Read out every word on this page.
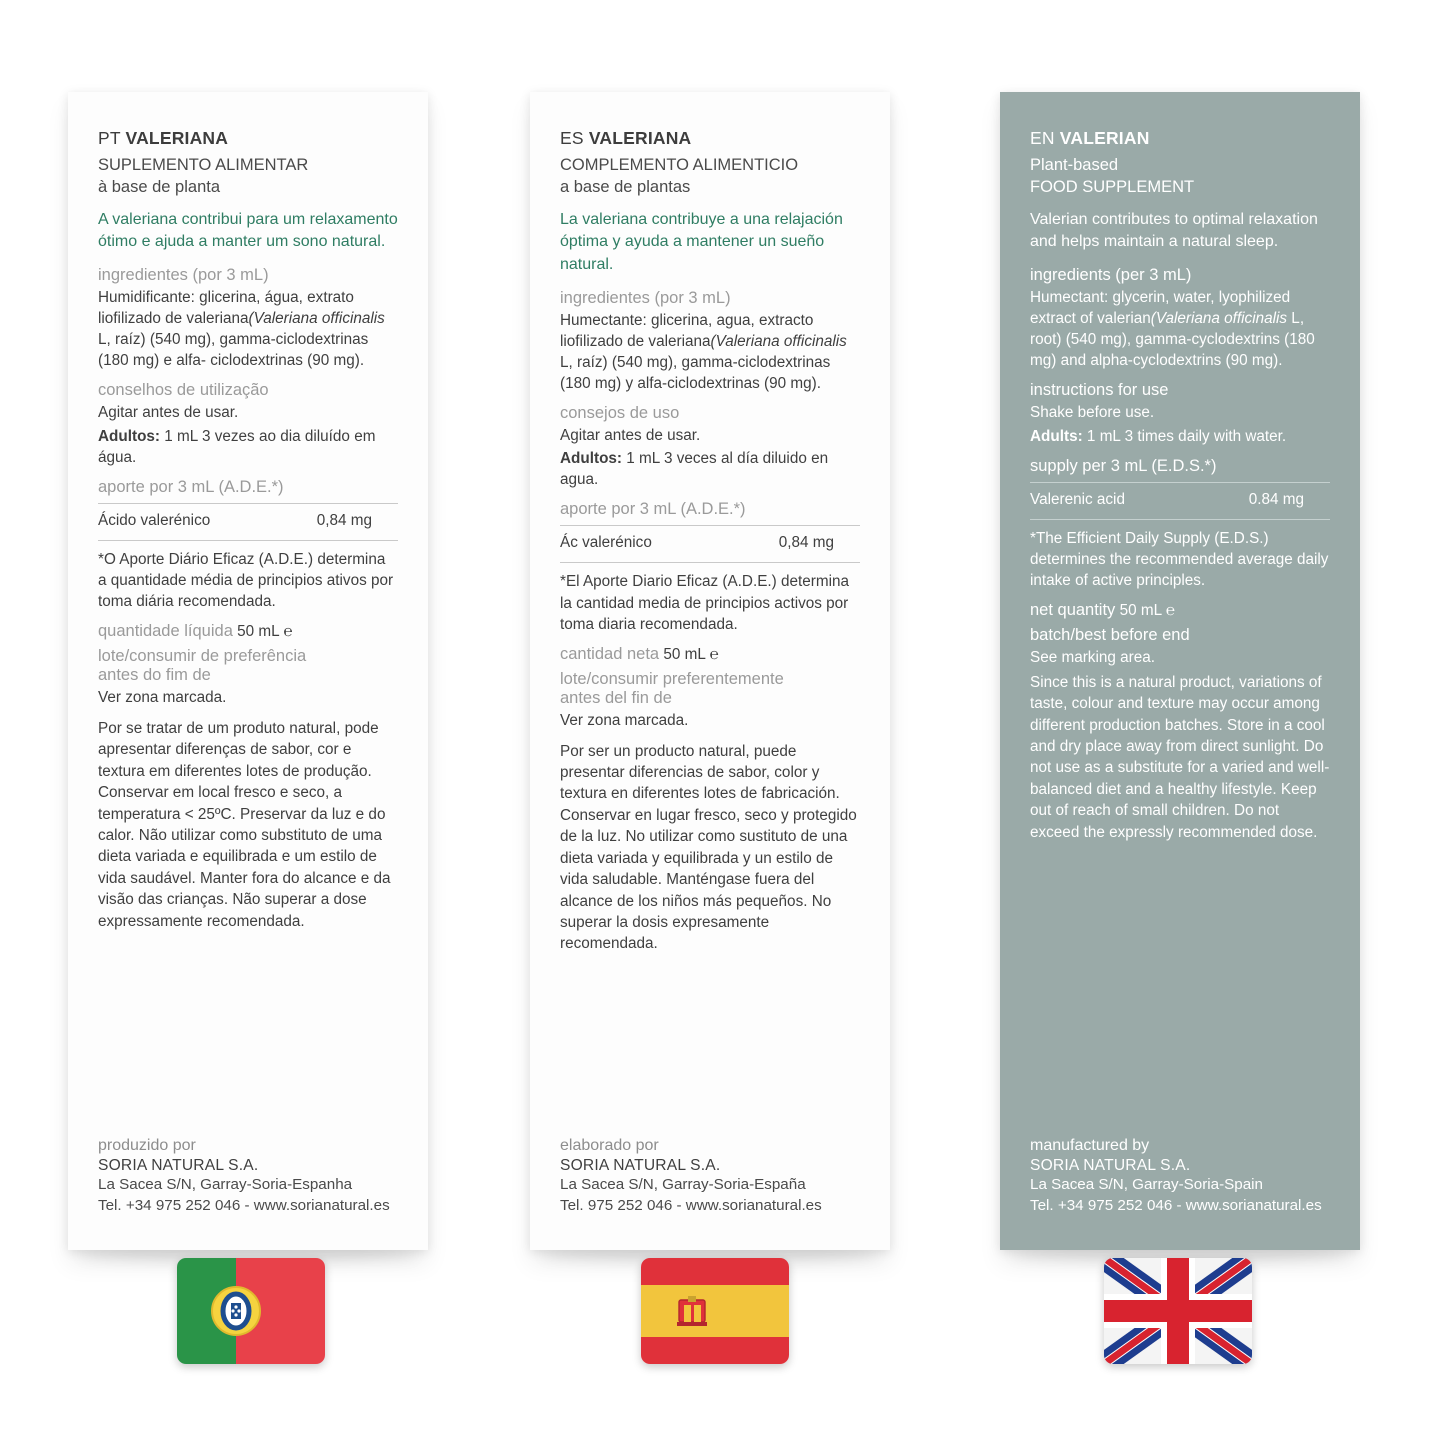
PT VALERIANA

SUPLEMENTO ALIMENTAR
à base de planta

A valeriana contribui para um relaxamento ótimo e ajuda a manter um sono natural.

ingredientes (por 3 mL)

Humidificante: glicerina, água, extrato liofilizado de valeriana(Valeriana officinalis L, raíz) (540 mg), gamma-ciclodextrinas (180 mg) e alfa- ciclodextrinas (90 mg).

conselhos de utilização

Agitar antes de usar.

Adultos: 1 mL 3 vezes ao dia diluído em água.

aporte por 3 mL (A.D.E.*)

Ácido valerénico	0,84 mg

*O Aporte Diário Eficaz (A.D.E.) determina a quantidade média de principios ativos por toma diária recomendada.

quantidade líquida 50 mL ℮

lote/consumir de preferência
antes do fim de

Ver zona marcada.

Por se tratar de um produto natural, pode apresentar diferenças de sabor, cor e textura em diferentes lotes de produção. Conservar em local fresco e seco, a temperatura < 25ºC. Preservar da luz e do calor. Não utilizar como substituto de uma dieta variada e equilibrada e um estilo de vida saudável. Manter fora do alcance e da visão das crianças. Não superar a dose expressamente recomendada.

produzido por
SORIA NATURAL S.A.
La Sacea S/N, Garray-Soria-Espanha
Tel. +34 975 252 046 - www.sorianatural.es

ES VALERIANA

COMPLEMENTO ALIMENTICIO
a base de plantas

La valeriana contribuye a una relajación óptima y ayuda a mantener un sueño natural.

ingredientes (por 3 mL)

Humectante: glicerina, agua, extracto liofilizado de valeriana(Valeriana officinalis L, raíz) (540 mg), gamma-ciclodextrinas (180 mg) y alfa-ciclodextrinas (90 mg).

consejos de uso

Agitar antes de usar.

Adultos: 1 mL 3 veces al día diluido en agua.

aporte por 3 mL (A.D.E.*)

Ác valerénico	0,84 mg

*El Aporte Diario Eficaz (A.D.E.) determina la cantidad media de principios activos por toma diaria recomendada.

cantidad neta 50 mL ℮

lote/consumir preferentemente
antes del fin de

Ver zona marcada.

Por ser un producto natural, puede presentar diferencias de sabor, color y textura en diferentes lotes de fabricación. Conservar en lugar fresco, seco y protegido de la luz. No utilizar como sustituto de una dieta variada y equilibrada y un estilo de vida saludable. Manténgase fuera del alcance de los niños más pequeños. No superar la dosis expresamente recomendada.

elaborado por
SORIA NATURAL S.A.
La Sacea S/N, Garray-Soria-España
Tel. 975 252 046 - www.sorianatural.es

EN VALERIAN

Plant-based
FOOD SUPPLEMENT

Valerian contributes to optimal relaxation and helps maintain a natural sleep.

ingredients (per 3 mL)

Humectant: glycerin, water, lyophilized extract of valerian(Valeriana officinalis L, root) (540 mg), gamma-cyclodextrins (180 mg) and alpha-cyclodextrins (90 mg).

instructions for use

Shake before use.

Adults: 1 mL 3 times daily with water.

supply per 3 mL (E.D.S.*)

Valerenic acid	0.84 mg

*The Efficient Daily Supply (E.D.S.) determines the recommended average daily intake of active principles.

net quantity 50 mL ℮

batch/best before end

See marking area.

Since this is a natural product, variations of taste, colour and texture may occur among different production batches. Store in a cool and dry place away from direct sunlight. Do not use as a substitute for a varied and well-balanced diet and a healthy lifestyle. Keep out of reach of small children. Do not exceed the expressly recommended dose.

manufactured by
SORIA NATURAL S.A.
La Sacea S/N, Garray-Soria-Spain
Tel. +34 975 252 046 - www.sorianatural.es
